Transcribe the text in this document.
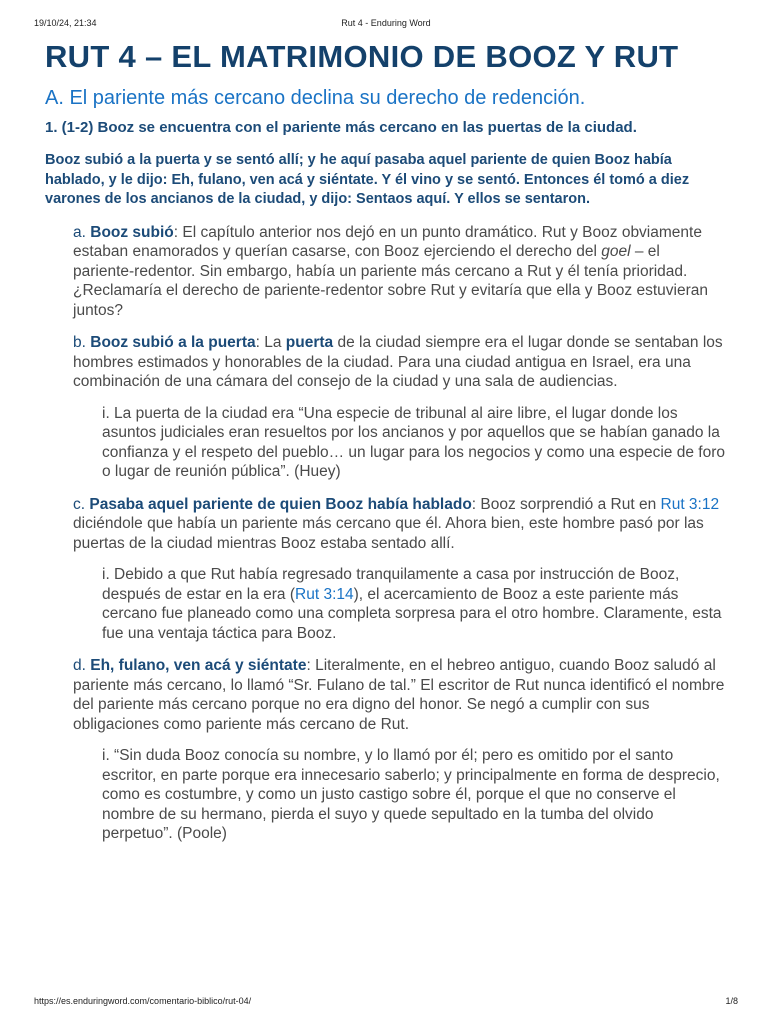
19/10/24, 21:34	Rut 4 - Enduring Word
RUT 4 – EL MATRIMONIO DE BOOZ Y RUT
A. El pariente más cercano declina su derecho de redención.
1. (1-2) Booz se encuentra con el pariente más cercano en las puertas de la ciudad.

Booz subió a la puerta y se sentó allí; y he aquí pasaba aquel pariente de quien Booz había hablado, y le dijo: Eh, fulano, ven acá y siéntate. Y él vino y se sentó. Entonces él tomó a diez varones de los ancianos de la ciudad, y dijo: Sentaos aquí. Y ellos se sentaron.

a. Booz subió: El capítulo anterior nos dejó en un punto dramático. Rut y Booz obviamente estaban enamorados y querían casarse, con Booz ejerciendo el derecho del goel – el pariente-redentor. Sin embargo, había un pariente más cercano a Rut y él tenía prioridad. ¿Reclamaría el derecho de pariente-redentor sobre Rut y evitaría que ella y Booz estuvieran juntos?

b. Booz subió a la puerta: La puerta de la ciudad siempre era el lugar donde se sentaban los hombres estimados y honorables de la ciudad. Para una ciudad antigua en Israel, era una combinación de una cámara del consejo de la ciudad y una sala de audiencias.

i. La puerta de la ciudad era “Una especie de tribunal al aire libre, el lugar donde los asuntos judiciales eran resueltos por los ancianos y por aquellos que se habían ganado la confianza y el respeto del pueblo… un lugar para los negocios y como una especie de foro o lugar de reunión pública”. (Huey)

c. Pasaba aquel pariente de quien Booz había hablado: Booz sorprendió a Rut en Rut 3:12 diciéndole que había un pariente más cercano que él. Ahora bien, este hombre pasó por las puertas de la ciudad mientras Booz estaba sentado allí.

i. Debido a que Rut había regresado tranquilamente a casa por instrucción de Booz, después de estar en la era (Rut 3:14), el acercamiento de Booz a este pariente más cercano fue planeado como una completa sorpresa para el otro hombre. Claramente, esta fue una ventaja táctica para Booz.

d. Eh, fulano, ven acá y siéntate: Literalmente, en el hebreo antiguo, cuando Booz saludó al pariente más cercano, lo llamó “Sr. Fulano de tal.” El escritor de Rut nunca identificó el nombre del pariente más cercano porque no era digno del honor. Se negó a cumplir con sus obligaciones como pariente más cercano de Rut.

i. “Sin duda Booz conocía su nombre, y lo llamó por él; pero es omitido por el santo escritor, en parte porque era innecesario saberlo; y principalmente en forma de desprecio, como es costumbre, y como un justo castigo sobre él, porque el que no conserve el nombre de su hermano, pierda el suyo y quede sepultado en la tumba del olvido perpetuo”. (Poole)

https://es.enduringword.com/comentario-biblico/rut-04/	1/8
